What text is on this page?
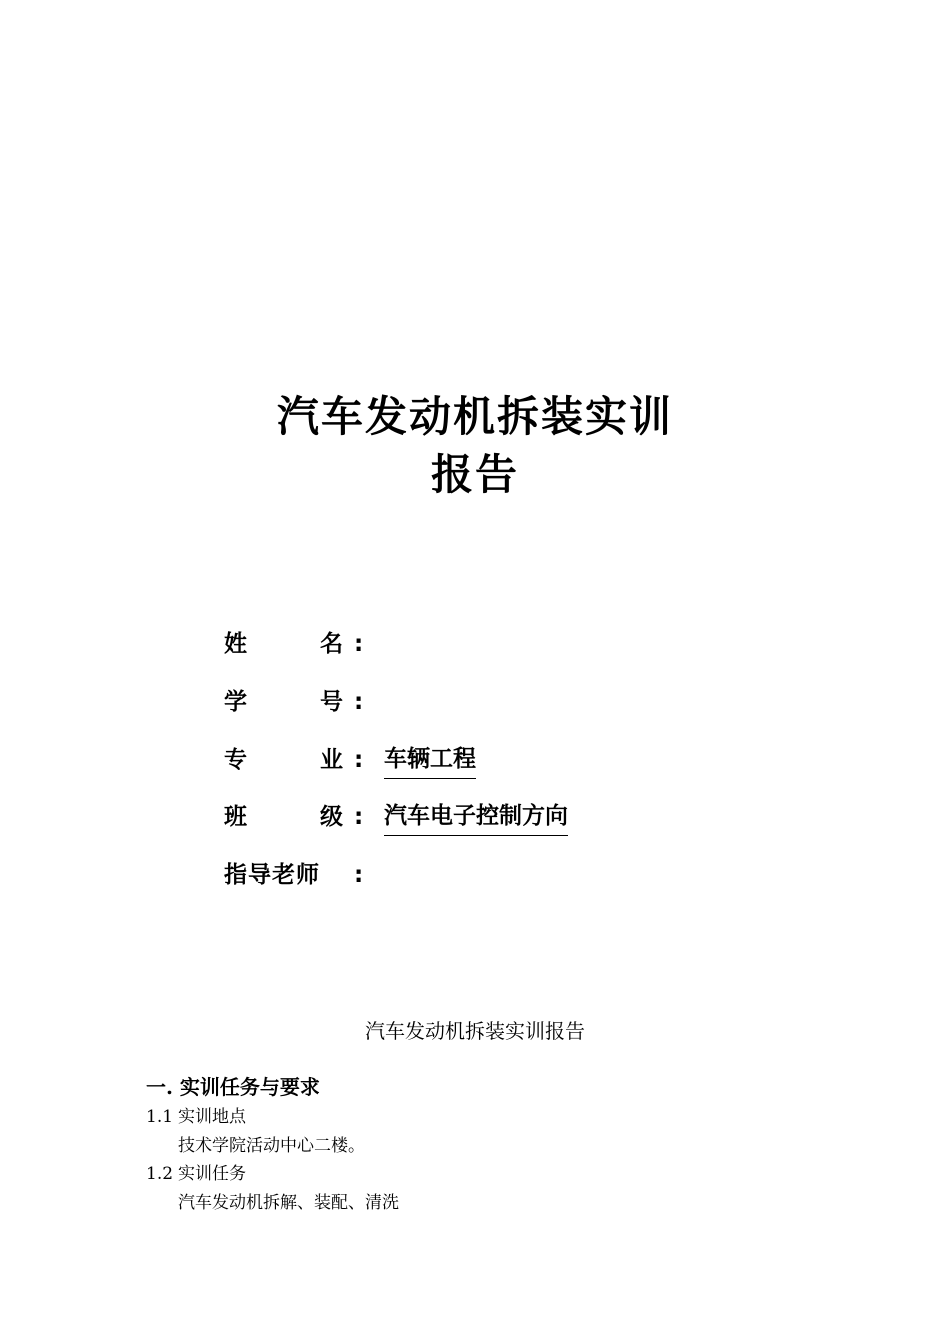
汽车发动机拆装实训
报告
姓	名 :
学	号 :
专	业 : 车辆工程
班	级 : 汽车电子控制方向
指导老师 :
汽车发动机拆装实训报告
一. 实训任务与要求
1.1 实训地点
技术学院活动中心二楼。
1.2 实训任务
汽车发动机拆解、装配、清洗
